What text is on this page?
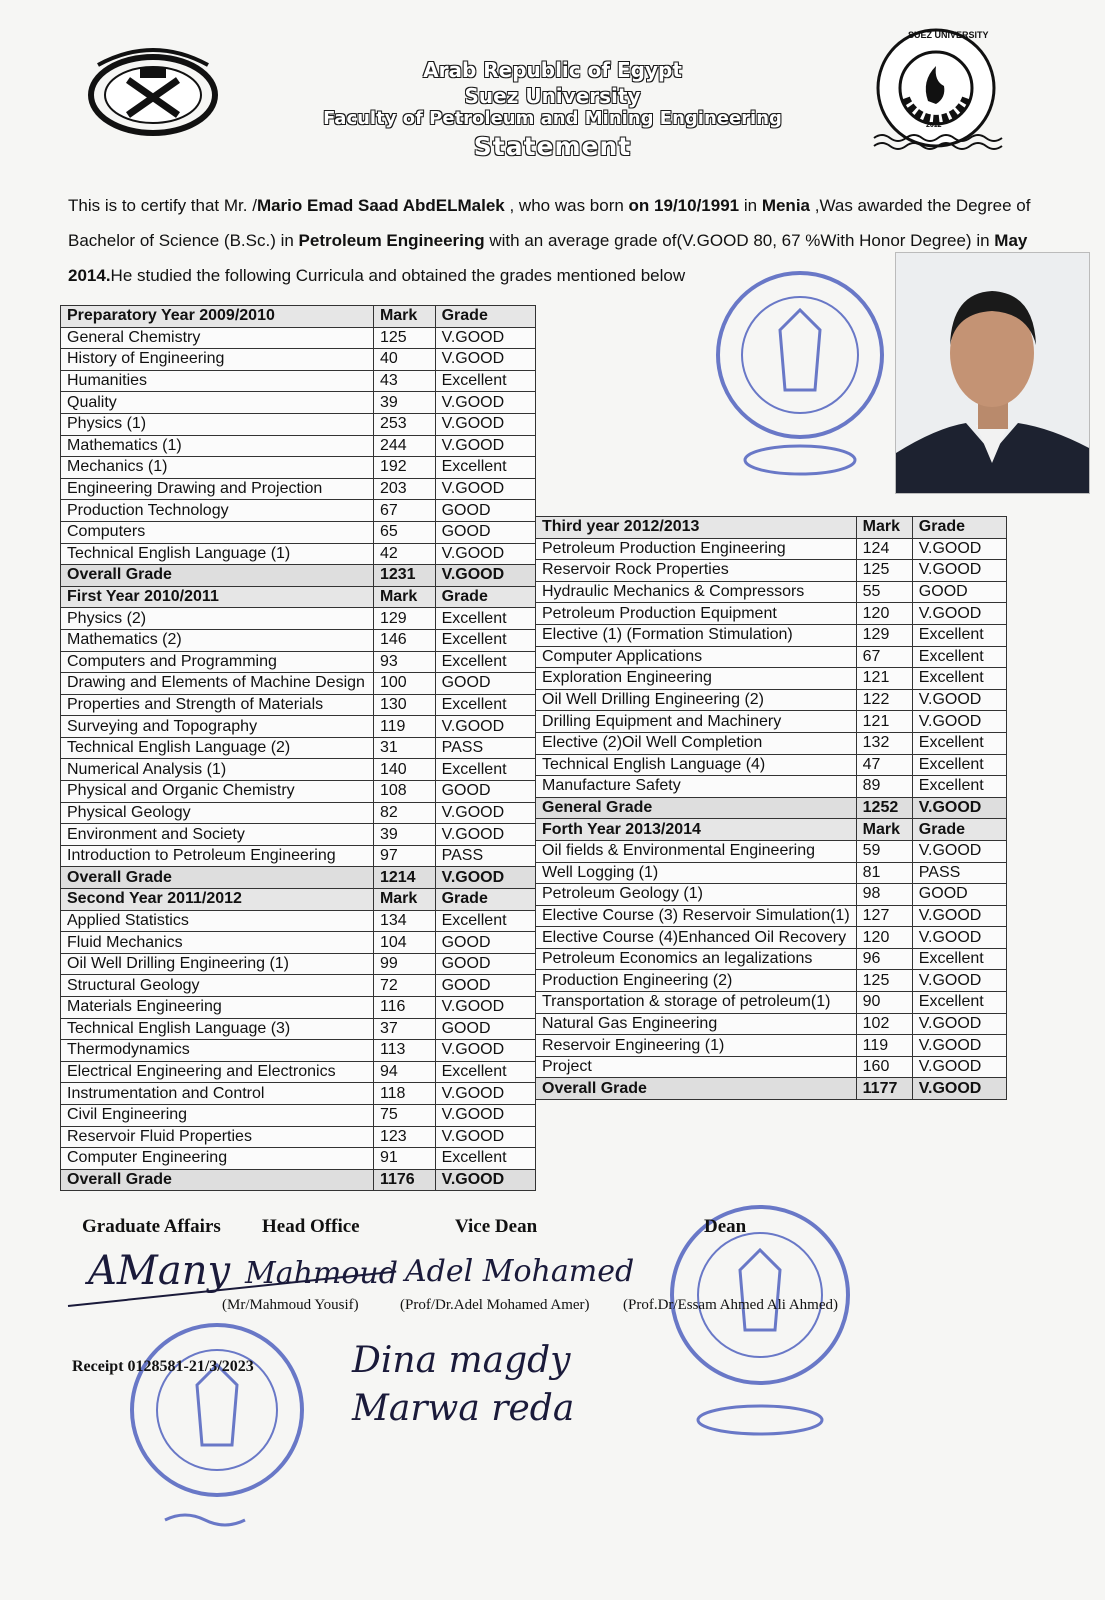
SUEZ UNIVERSITY
2012
Arab Republic of Egypt
Suez University
Faculty of Petroleum and Mining Engineering
Statement
This is to certify that Mr. /Mario Emad Saad AbdELMalek , who was born on 19/10/1991 in Menia ,Was awarded the Degree of Bachelor of Science (B.Sc.) in Petroleum Engineering with an average grade of(V.GOOD 80, 67 %With Honor Degree) in May 2014.He studied the following Curricula and obtained the grades mentioned below
Preparatory Year 2009/2010	Mark	Grade
General Chemistry	125	V.GOOD
History of Engineering	40	V.GOOD
Humanities	43	Excellent
Quality	39	V.GOOD
Physics (1)	253	V.GOOD
Mathematics (1)	244	V.GOOD
Mechanics (1)	192	Excellent
Engineering Drawing and Projection	203	V.GOOD
Production Technology	67	GOOD
Computers	65	GOOD
Technical English Language (1)	42	V.GOOD
Overall Grade	1231	V.GOOD
First Year 2010/2011	Mark	Grade
Physics (2)	129	Excellent
Mathematics (2)	146	Excellent
Computers and Programming	93	Excellent
Drawing and Elements of Machine Design	100	GOOD
Properties and Strength of Materials	130	Excellent
Surveying and Topography	119	V.GOOD
Technical English Language (2)	31	PASS
Numerical Analysis (1)	140	Excellent
Physical and Organic Chemistry	108	GOOD
Physical Geology	82	V.GOOD
Environment and Society	39	V.GOOD
Introduction to Petroleum Engineering	97	PASS
Overall Grade	1214	V.GOOD
Second Year 2011/2012	Mark	Grade
Applied Statistics	134	Excellent
Fluid Mechanics	104	GOOD
Oil Well Drilling Engineering (1)	99	GOOD
Structural Geology	72	GOOD
Materials Engineering	116	V.GOOD
Technical English Language (3)	37	GOOD
Thermodynamics	113	V.GOOD
Electrical Engineering and Electronics	94	Excellent
Instrumentation and Control	118	V.GOOD
Civil Engineering	75	V.GOOD
Reservoir Fluid Properties	123	V.GOOD
Computer Engineering	91	Excellent
Overall Grade	1176	V.GOOD
Third year 2012/2013	Mark	Grade
Petroleum Production Engineering	124	V.GOOD
Reservoir Rock Properties	125	V.GOOD
Hydraulic Mechanics & Compressors	55	GOOD
Petroleum Production Equipment	120	V.GOOD
Elective (1) (Formation Stimulation)	129	Excellent
Computer Applications	67	Excellent
Exploration Engineering	121	Excellent
Oil Well Drilling Engineering (2)	122	V.GOOD
Drilling Equipment and Machinery	121	V.GOOD
Elective (2)Oil Well Completion	132	Excellent
Technical English Language (4)	47	Excellent
Manufacture Safety	89	Excellent
General Grade	1252	V.GOOD
Forth Year 2013/2014	Mark	Grade
Oil fields & Environmental Engineering	59	V.GOOD
Well Logging (1)	81	PASS
Petroleum Geology (1)	98	GOOD
Elective Course (3) Reservoir Simulation(1)	127	V.GOOD
Elective Course (4)Enhanced Oil Recovery	120	V.GOOD
Petroleum Economics an legalizations	96	Excellent
Production Engineering (2)	125	V.GOOD
Transportation & storage of petroleum(1)	90	Excellent
Natural Gas Engineering	102	V.GOOD
Reservoir Engineering (1)	119	V.GOOD
Project	160	V.GOOD
Overall Grade	1177	V.GOOD
Graduate Affairs Head Office	Vice Dean	Dean
AMany Mahmoud Adel Mohamed
(Mr/Mahmoud Yousif)	(Prof/Dr.Adel Mohamed Amer) (Prof.Dr/Essam Ahmed Ali Ahmed)
Receipt 0128581-21/3/2023	Dina magdy
Marwa reda
